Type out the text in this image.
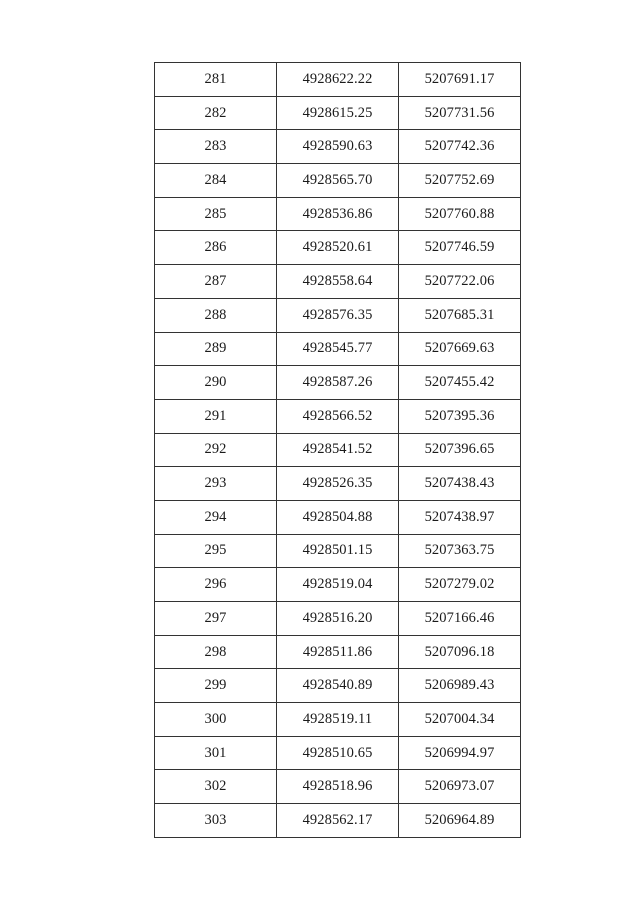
281	4928622.22	5207691.17
282	4928615.25	5207731.56
283	4928590.63	5207742.36
284	4928565.70	5207752.69
285	4928536.86	5207760.88
286	4928520.61	5207746.59
287	4928558.64	5207722.06
288	4928576.35	5207685.31
289	4928545.77	5207669.63
290	4928587.26	5207455.42
291	4928566.52	5207395.36
292	4928541.52	5207396.65
293	4928526.35	5207438.43
294	4928504.88	5207438.97
295	4928501.15	5207363.75
296	4928519.04	5207279.02
297	4928516.20	5207166.46
298	4928511.86	5207096.18
299	4928540.89	5206989.43
300	4928519.11	5207004.34
301	4928510.65	5206994.97
302	4928518.96	5206973.07
303	4928562.17	5206964.89
